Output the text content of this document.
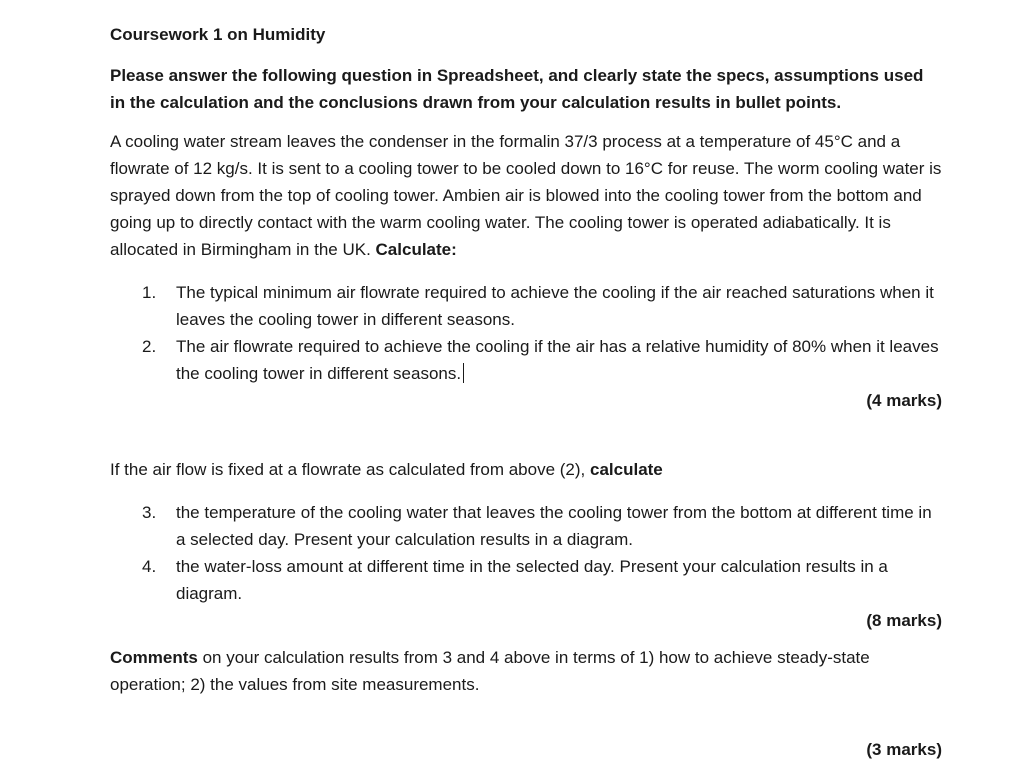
Coursework 1 on Humidity
Please answer the following question in Spreadsheet, and clearly state the specs, assumptions used in the calculation and the conclusions drawn from your calculation results in bullet points.
A cooling water stream leaves the condenser in the formalin 37/3 process at a temperature of 45°C and a flowrate of 12 kg/s. It is sent to a cooling tower to be cooled down to 16°C for reuse. The worm cooling water is sprayed down from the top of cooling tower. Ambien air is blowed into the cooling tower from the bottom and going up to directly contact with the warm cooling water. The cooling tower is operated adiabatically. It is allocated in Birmingham in the UK. Calculate:
1. The typical minimum air flowrate required to achieve the cooling if the air reached saturations when it leaves the cooling tower in different seasons.
2. The air flowrate required to achieve the cooling if the air has a relative humidity of 80% when it leaves the cooling tower in different seasons.
(4 marks)
If the air flow is fixed at a flowrate as calculated from above (2), calculate
3. the temperature of the cooling water that leaves the cooling tower from the bottom at different time in a selected day. Present your calculation results in a diagram.
4. the water-loss amount at different time in the selected day. Present your calculation results in a diagram.
(8 marks)
Comments on your calculation results from 3 and 4 above in terms of 1) how to achieve steady-state operation; 2) the values from site measurements.
(3 marks)
